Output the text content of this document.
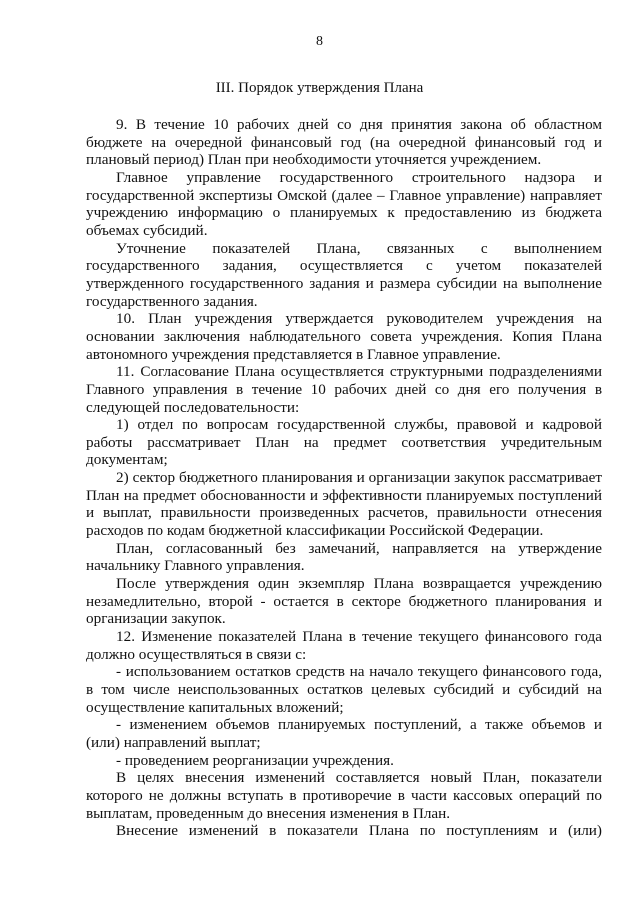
8
III. Порядок утверждения Плана

9. В течение 10 рабочих дней со дня принятия закона об областном бюджете на очередной финансовый год (на очередной финансовый год и плановый период) План при необходимости уточняется учреждением.

Главное управление государственного строительного надзора и государственной экспертизы Омской (далее – Главное управление) направляет учреждению информацию о планируемых к предоставлению из бюджета объемах субсидий.

Уточнение показателей Плана, связанных с выполнением государственного задания, осуществляется с учетом показателей утвержденного государственного задания и размера субсидии на выполнение государственного задания.

10. План учреждения утверждается руководителем учреждения на основании заключения наблюдательного совета учреждения. Копия Плана автономного учреждения представляется в Главное управление.

11. Согласование Плана осуществляется структурными подразделениями Главного управления в течение 10 рабочих дней со дня его получения в следующей последовательности:

1) отдел по вопросам государственной службы, правовой и кадровой работы рассматривает План на предмет соответствия учредительным документам;

2) сектор бюджетного планирования и организации закупок рассматривает План на предмет обоснованности и эффективности планируемых поступлений и выплат, правильности произведенных расчетов, правильности отнесения расходов по кодам бюджетной классификации Российской Федерации.

План, согласованный без замечаний, направляется на утверждение начальнику Главного управления.

После утверждения один экземпляр Плана возвращается учреждению незамедлительно, второй - остается в секторе бюджетного планирования и организации закупок.

12. Изменение показателей Плана в течение текущего финансового года должно осуществляться в связи с:

- использованием остатков средств на начало текущего финансового года, в том числе неиспользованных остатков целевых субсидий и субсидий на осуществление капитальных вложений;

- изменением объемов планируемых поступлений, а также объемов и (или) направлений выплат;

- проведением реорганизации учреждения.

В целях внесения изменений составляется новый План, показатели которого не должны вступать в противоречие в части кассовых операций по выплатам, проведенным до внесения изменения в План.

Внесение изменений в показатели Плана по поступлениям и (или)
